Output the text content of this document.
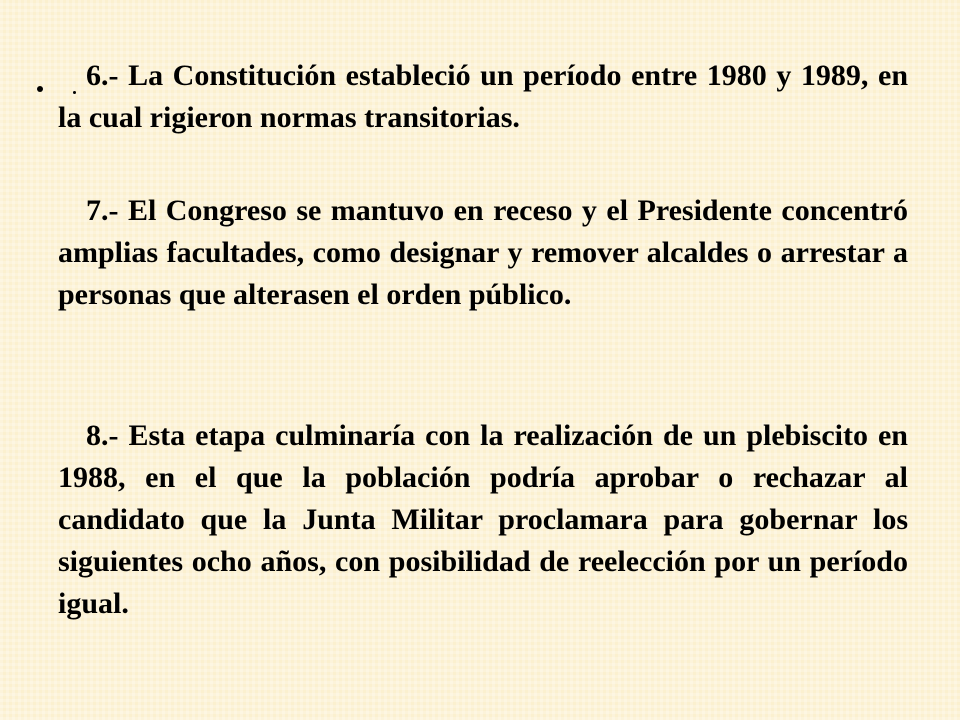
6.- La Constitución estableció un período entre 1980 y 1989, en la cual rigieron normas transitorias.

7.- El Congreso se mantuvo en receso y el Presidente concentró amplias facultades, como designar y remover alcaldes o arrestar a personas que alterasen el orden público.

8.- Esta etapa culminaría con la realización de un plebiscito en 1988, en el que la población podría aprobar o rechazar al candidato que la Junta Militar proclamara para gobernar los siguientes ocho años, con posibilidad de reelección por un período igual.
